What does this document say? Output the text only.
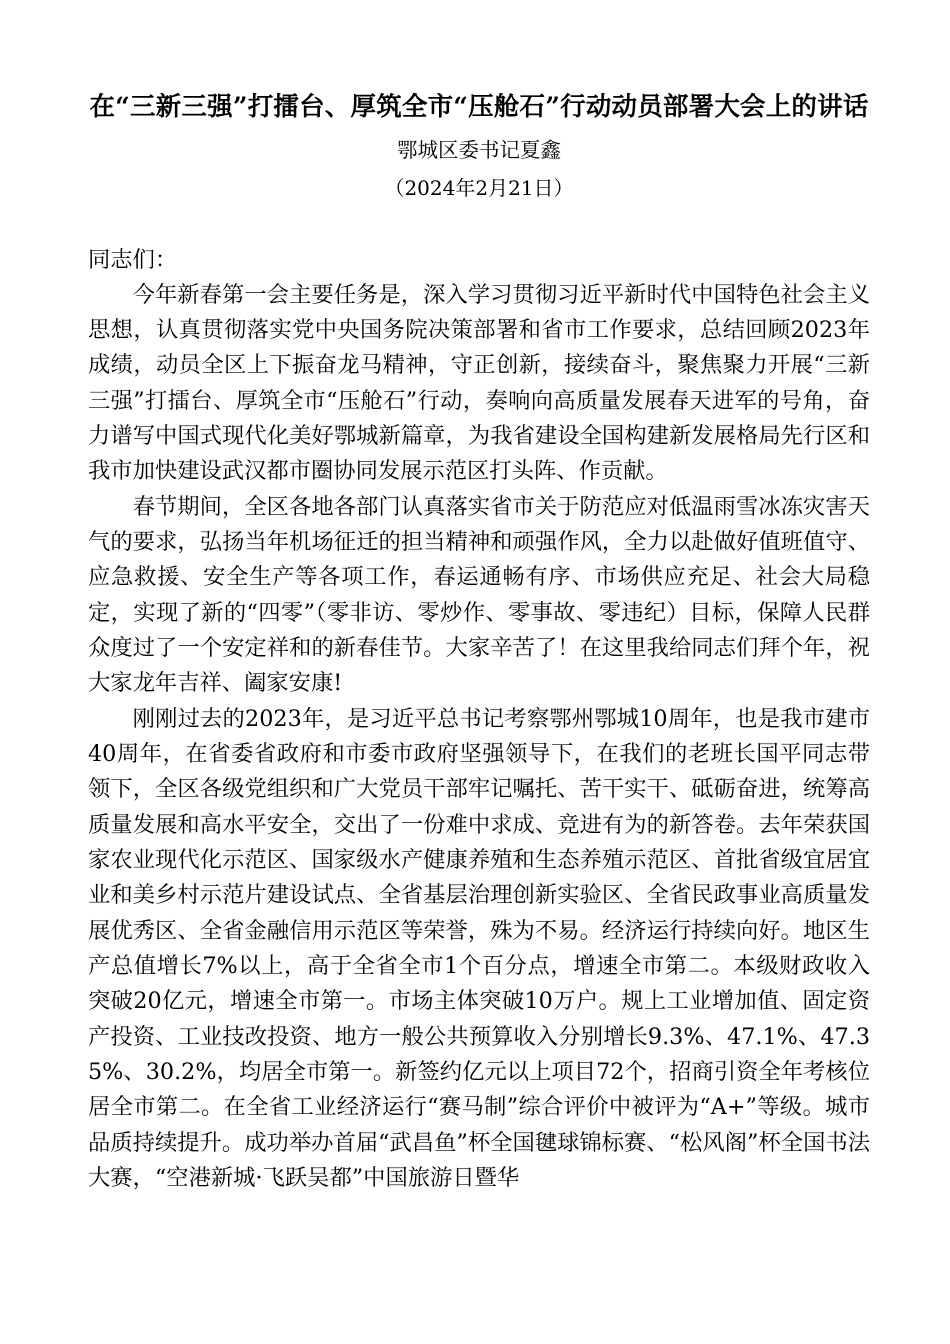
在“三新三强”打擂台、厚筑全市“压舱石”行动动员部署大会上的讲话
鄂城区委书记夏鑫
（2024年2月21日）

同志们：

今年新春第一会主要任务是，深入学习贯彻习近平新时代中国特色社会主义思想，认真贯彻落实党中央国务院决策部署和省市工作要求，总结回顾2023年成绩，动员全区上下振奋龙马精神，守正创新，接续奋斗，聚焦聚力开展“三新三强”打擂台、厚筑全市“压舱石”行动，奏响向高质量发展春天进军的号角，奋力谱写中国式现代化美好鄂城新篇章，为我省建设全国构建新发展格局先行区和我市加快建设武汉都市圈协同发展示范区打头阵、作贡献。

春节期间，全区各地各部门认真落实省市关于防范应对低温雨雪冰冻灾害天气的要求，弘扬当年机场征迁的担当精神和顽强作风，全力以赴做好值班值守、应急救援、安全生产等各项工作，春运通畅有序、市场供应充足、社会大局稳定，实现了新的“四零”（零非访、零炒作、零事故、零违纪）目标，保障人民群众度过了一个安定祥和的新春佳节。大家辛苦了！在这里我给同志们拜个年，祝大家龙年吉祥、阖家安康!

刚刚过去的2023年，是习近平总书记考察鄂州鄂城10周年，也是我市建市40周年，在省委省政府和市委市政府坚强领导下，在我们的老班长国平同志带领下，全区各级党组织和广大党员干部牢记嘱托、苦干实干、砥砺奋进，统筹高质量发展和高水平安全，交出了一份难中求成、竞进有为的新答卷。去年荣获国家农业现代化示范区、国家级水产健康养殖和生态养殖示范区、首批省级宜居宜业和美乡村示范片建设试点、全省基层治理创新实验区、全省民政事业高质量发展优秀区、全省金融信用示范区等荣誉，殊为不易。经济运行持续向好。地区生产总值增长7%以上，高于全省全市1个百分点，增速全市第二。本级财政收入突破20亿元，增速全市第一。市场主体突破10万户。规上工业增加值、固定资产投资、工业技改投资、地方一般公共预算收入分别增长9.3%、47.1%、47.35%、30.2%，均居全市第一。新签约亿元以上项目72个，招商引资全年考核位居全市第二。在全省工业经济运行“赛马制”综合评价中被评为“A+”等级。城市品质持续提升。成功举办首届“武昌鱼”杯全国毽球锦标赛、“松风阁”杯全国书法大赛，“空港新城·飞跃吴都”中国旅游日暨华
